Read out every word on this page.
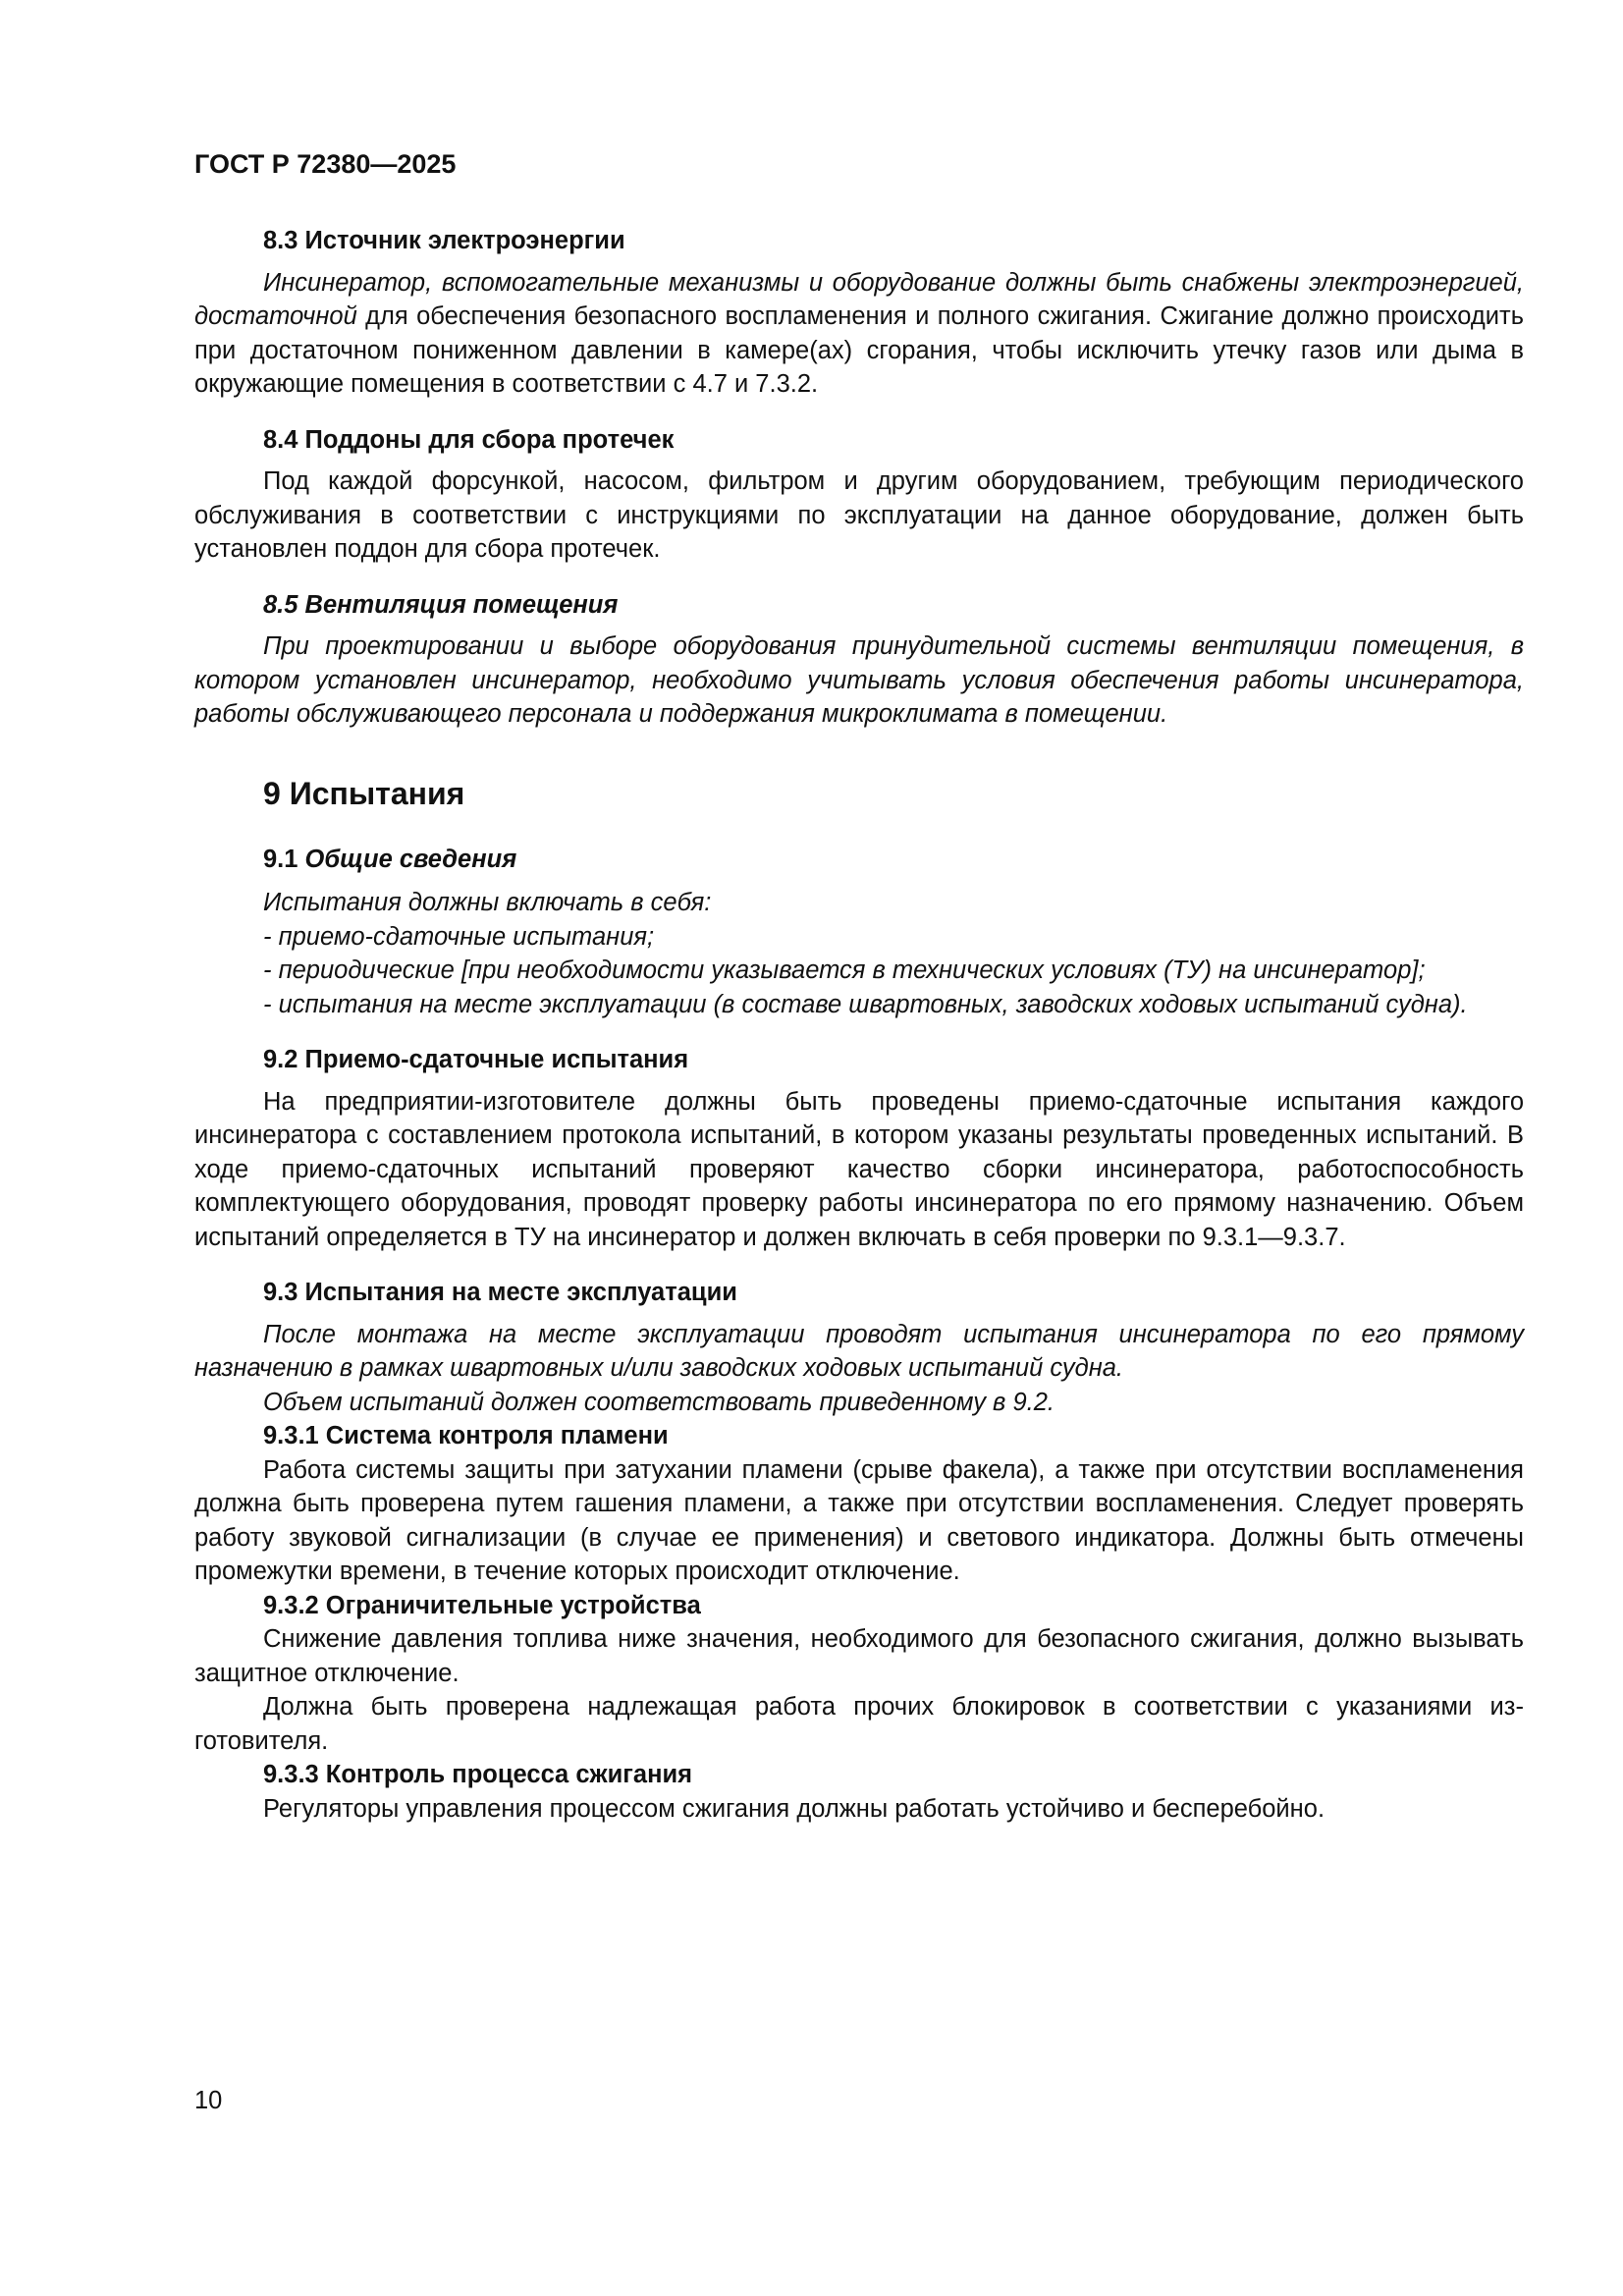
ГОСТ Р 72380—2025

8.3 Источник электроэнергии

Инсинератор, вспомогательные механизмы и оборудование должны быть снабжены электроэнергией, достаточной для обеспечения безопасного воспламенения и полного сжигания. Сжигание должно происходить при достаточном пониженном давлении в камере(ах) сгорания, чтобы исключить утечку газов или дыма в окружающие помещения в соответствии с 4.7 и 7.3.2.

8.4 Поддоны для сбора протечек

Под каждой форсункой, насосом, фильтром и другим оборудованием, требующим периодического обслуживания в соответствии с инструкциями по эксплуатации на данное оборудование, должен быть установлен поддон для сбора протечек.

8.5 Вентиляция помещения

При проектировании и выборе оборудования принудительной системы вентиляции помещения, в котором установлен инсинератор, необходимо учитывать условия обеспечения работы инсинератора, работы обслуживающего персонала и поддержания микроклимата в помещении.

9 Испытания

9.1 Общие сведения

Испытания должны включать в себя:

- приемо-сдаточные испытания;

- периодические [при необходимости указывается в технических условиях (ТУ) на инсинератор];

- испытания на месте эксплуатации (в составе швартовных, заводских ходовых испытаний судна).

9.2 Приемо-сдаточные испытания

На предприятии-изготовителе должны быть проведены приемо-сдаточные испытания каждого инсинератора с составлением протокола испытаний, в котором указаны результаты проведенных испытаний. В ходе приемо-сдаточных испытаний проверяют качество сборки инсинератора, работоспособность комплектующего оборудования, проводят проверку работы инсинератора по его прямому назначению. Объем испытаний определяется в ТУ на инсинератор и должен включать в себя проверки по 9.3.1—9.3.7.

9.3 Испытания на месте эксплуатации

После монтажа на месте эксплуатации проводят испытания инсинератора по его прямому назначению в рамках швартовных и/или заводских ходовых испытаний судна.

Объем испытаний должен соответствовать приведенному в 9.2.

9.3.1 Система контроля пламени

Работа системы защиты при затухании пламени (срыве факела), а также при отсутствии воспламенения должна быть проверена путем гашения пламени, а также при отсутствии воспламенения. Следует проверять работу звуковой сигнализации (в случае ее применения) и светового индикатора. Должны быть отмечены промежутки времени, в течение которых происходит отключение.

9.3.2 Ограничительные устройства

Снижение давления топлива ниже значения, необходимого для безопасного сжигания, должно вызывать защитное отключение.

Должна быть проверена надлежащая работа прочих блокировок в соответствии с указаниями изготовителя.

9.3.3 Контроль процесса сжигания

Регуляторы управления процессом сжигания должны работать устойчиво и бесперебойно.

10
